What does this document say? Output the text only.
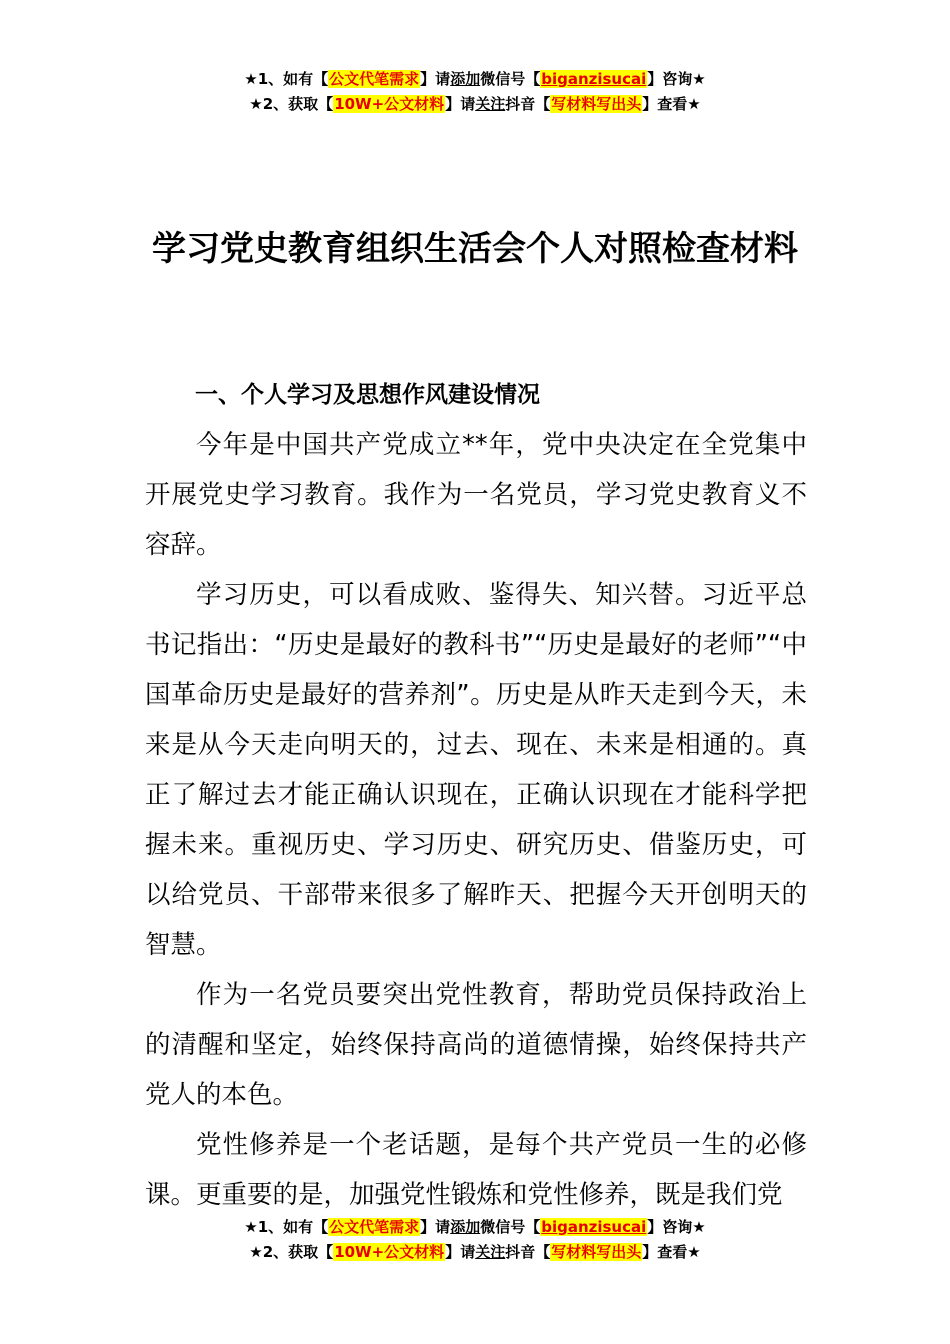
★1、如有【公文代笔需求】请添加微信号【biganzisucai】咨询★
★2、获取【10W+公文材料】请关注抖音【写材料写出头】查看★
学习党史教育组织生活会个人对照检查材料
一、个人学习及思想作风建设情况

今年是中国共产党成立**年，党中央决定在全党集中开展党史学习教育。我作为一名党员，学习党史教育义不容辞。

学习历史，可以看成败、鉴得失、知兴替。习近平总书记指出：“历史是最好的教科书”“历史是最好的老师”“中国革命历史是最好的营养剂”。历史是从昨天走到今天，未来是从今天走向明天的，过去、现在、未来是相通的。真正了解过去才能正确认识现在，正确认识现在才能科学把握未来。重视历史、学习历史、研究历史、借鉴历史，可以给党员、干部带来很多了解昨天、把握今天开创明天的智慧。

作为一名党员要突出党性教育，帮助党员保持政治上的清醒和坚定，始终保持高尚的道德情操，始终保持共产党人的本色。

党性修养是一个老话题，是每个共产党员一生的必修课。更重要的是，加强党性锻炼和党性修养，既是我们党

★1、如有【公文代笔需求】请添加微信号【biganzisucai】咨询★
★2、获取【10W+公文材料】请关注抖音【写材料写出头】查看★
